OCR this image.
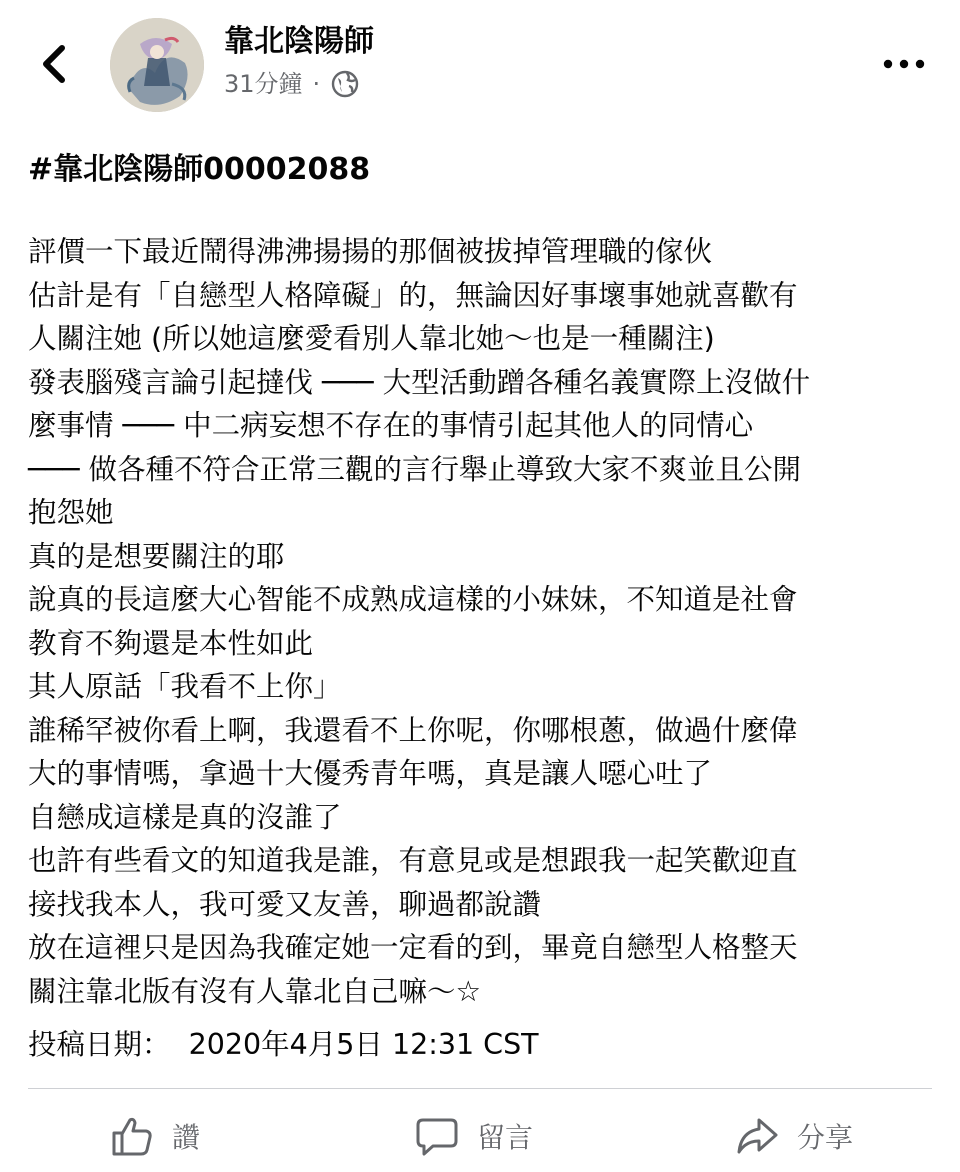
靠北陰陽師
31分鐘 ·

#靠北陰陽師00002088

評價一下最近鬧得沸沸揚揚的那個被拔掉管理職的傢伙

估計是有「自戀型人格障礙」的，無論因好事壞事她就喜歡有

人關注她 (所以她這麼愛看別人靠北她～也是一種關注)

發表腦殘言論引起撻伐 ─── 大型活動蹭各種名義實際上沒做什

麼事情 ─── 中二病妄想不存在的事情引起其他人的同情心

─── 做各種不符合正常三觀的言行舉止導致大家不爽並且公開

抱怨她

真的是想要關注的耶

說真的長這麼大心智能不成熟成這樣的小妹妹，不知道是社會

教育不夠還是本性如此

其人原話「我看不上你」

誰稀罕被你看上啊，我還看不上你呢，你哪根蔥，做過什麼偉

大的事情嗎，拿過十大優秀青年嗎，真是讓人噁心吐了

自戀成這樣是真的沒誰了

也許有些看文的知道我是誰，有意見或是想跟我一起笑歡迎直

接找我本人，我可愛又友善，聊過都說讚

放在這裡只是因為我確定她一定看的到，畢竟自戀型人格整天

關注靠北版有沒有人靠北自己嘛～☆

投稿日期：  2020年4月5日 12:31 CST
讚	留言	分享
